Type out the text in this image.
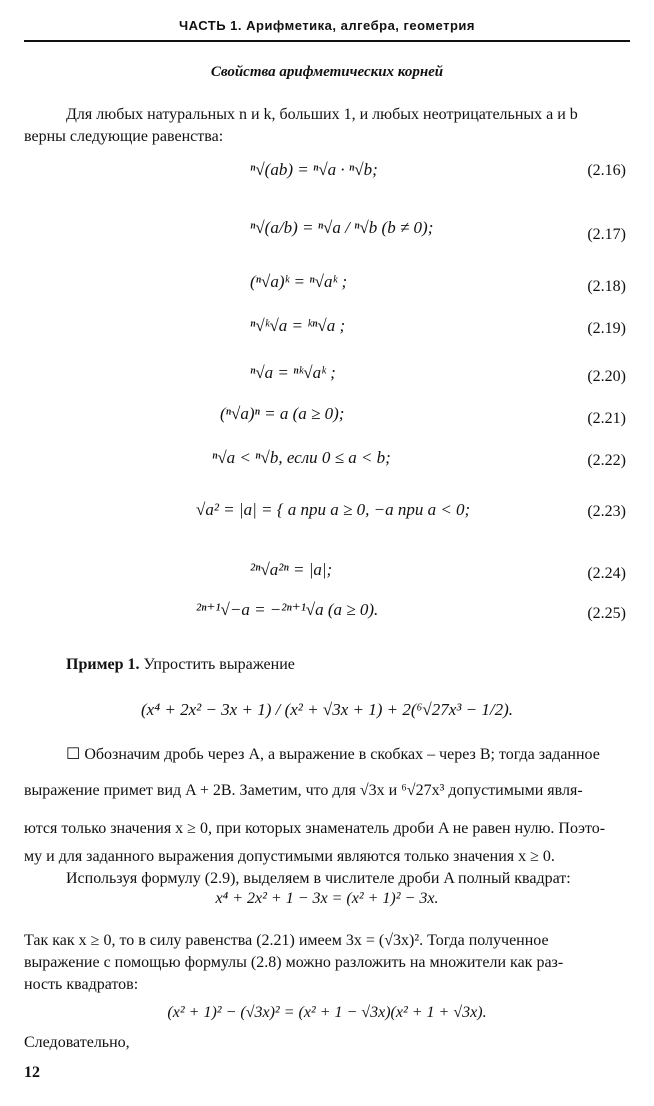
ЧАСТЬ 1. Арифметика, алгебра, геометрия
Свойства арифметических корней
Для любых натуральных n и k, больших 1, и любых неотрицательных a и b
верны следующие равенства:
ⁿ√(ab) = ⁿ√a · ⁿ√b;	(2.16)
ⁿ√(a/b) = ⁿ√a / ⁿ√b (b ≠ 0);	(2.17)
(ⁿ√a)ᵏ = ⁿ√aᵏ ;	(2.18)
ⁿ√ᵏ√a = ᵏⁿ√a ;	(2.19)
ⁿ√a = ⁿᵏ√aᵏ ;	(2.20)
(ⁿ√a)ⁿ = a (a ≥ 0);	(2.21)
ⁿ√a < ⁿ√b, если 0 ≤ a < b;	(2.22)
√a² = |a| = { a при a ≥ 0, −a при a < 0;	(2.23)
²ⁿ√a²ⁿ = |a|;	(2.24)
²ⁿ⁺¹√−a = −²ⁿ⁺¹√a (a ≥ 0).	(2.25)
Пример 1. Упростить выражение
(x⁴ + 2x² − 3x + 1) / (x² + √3x + 1) + 2(⁶√27x³ − 1/2).
☐ Обозначим дробь через A, а выражение в скобках – через B; тогда заданное
выражение примет вид A + 2B. Заметим, что для √3x и ⁶√27x³ допустимыми явля-
ются только значения x ≥ 0, при которых знаменатель дроби A не равен нулю. Поэто-
му и для заданного выражения допустимыми являются только значения x ≥ 0.
Используя формулу (2.9), выделяем в числителе дроби A полный квадрат:
x⁴ + 2x² + 1 − 3x = (x² + 1)² − 3x.
Так как x ≥ 0, то в силу равенства (2.21) имеем 3x = (√3x)². Тогда полученное
выражение с помощью формулы (2.8) можно разложить на множители как раз-
ность квадратов:
(x² + 1)² − (√3x)² = (x² + 1 − √3x)(x² + 1 + √3x).
Следовательно,
12
